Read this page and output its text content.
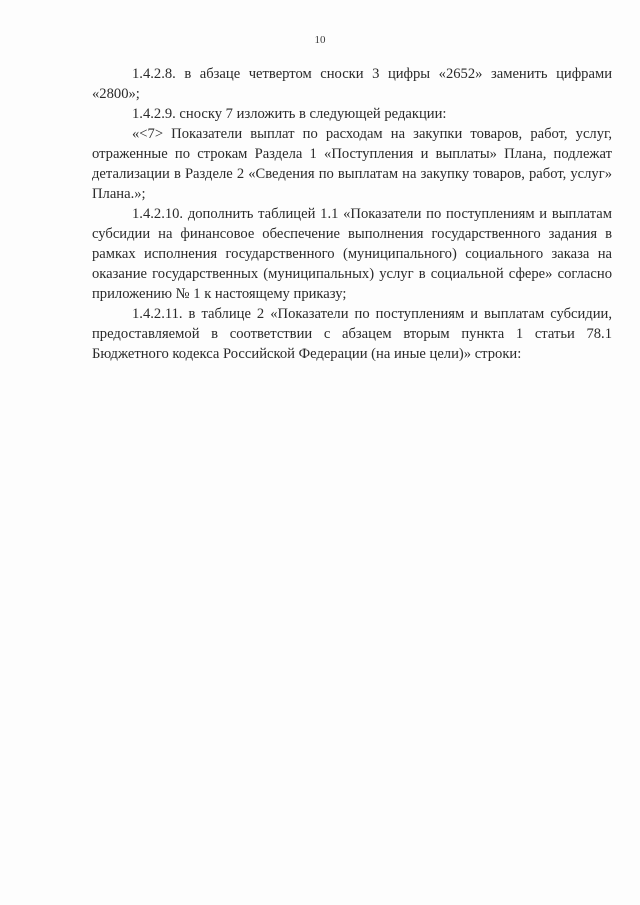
10

1.4.2.8. в абзаце четвертом сноски 3 цифры «2652» заменить цифрами «2800»;

1.4.2.9. сноску 7 изложить в следующей редакции:

«<7> Показатели выплат по расходам на закупки товаров, работ, услуг, отраженные по строкам Раздела 1 «Поступления и выплаты» Плана, подлежат детализации в Разделе 2 «Сведения по выплатам на закупку товаров, работ, услуг» Плана.»;

1.4.2.10. дополнить таблицей 1.1 «Показатели по поступлениям и выплатам субсидии на финансовое обеспечение выполнения государственного задания в рамках исполнения государственного (муниципального) социального заказа на оказание государственных (муниципальных) услуг в социальной сфере» согласно приложению № 1 к настоящему приказу;

1.4.2.11. в таблице 2 «Показатели по поступлениям и выплатам субсидии, предоставляемой в соответствии с абзацем вторым пункта 1 статьи 78.1 Бюджетного кодекса Российской Федерации (на иные цели)» строки:
